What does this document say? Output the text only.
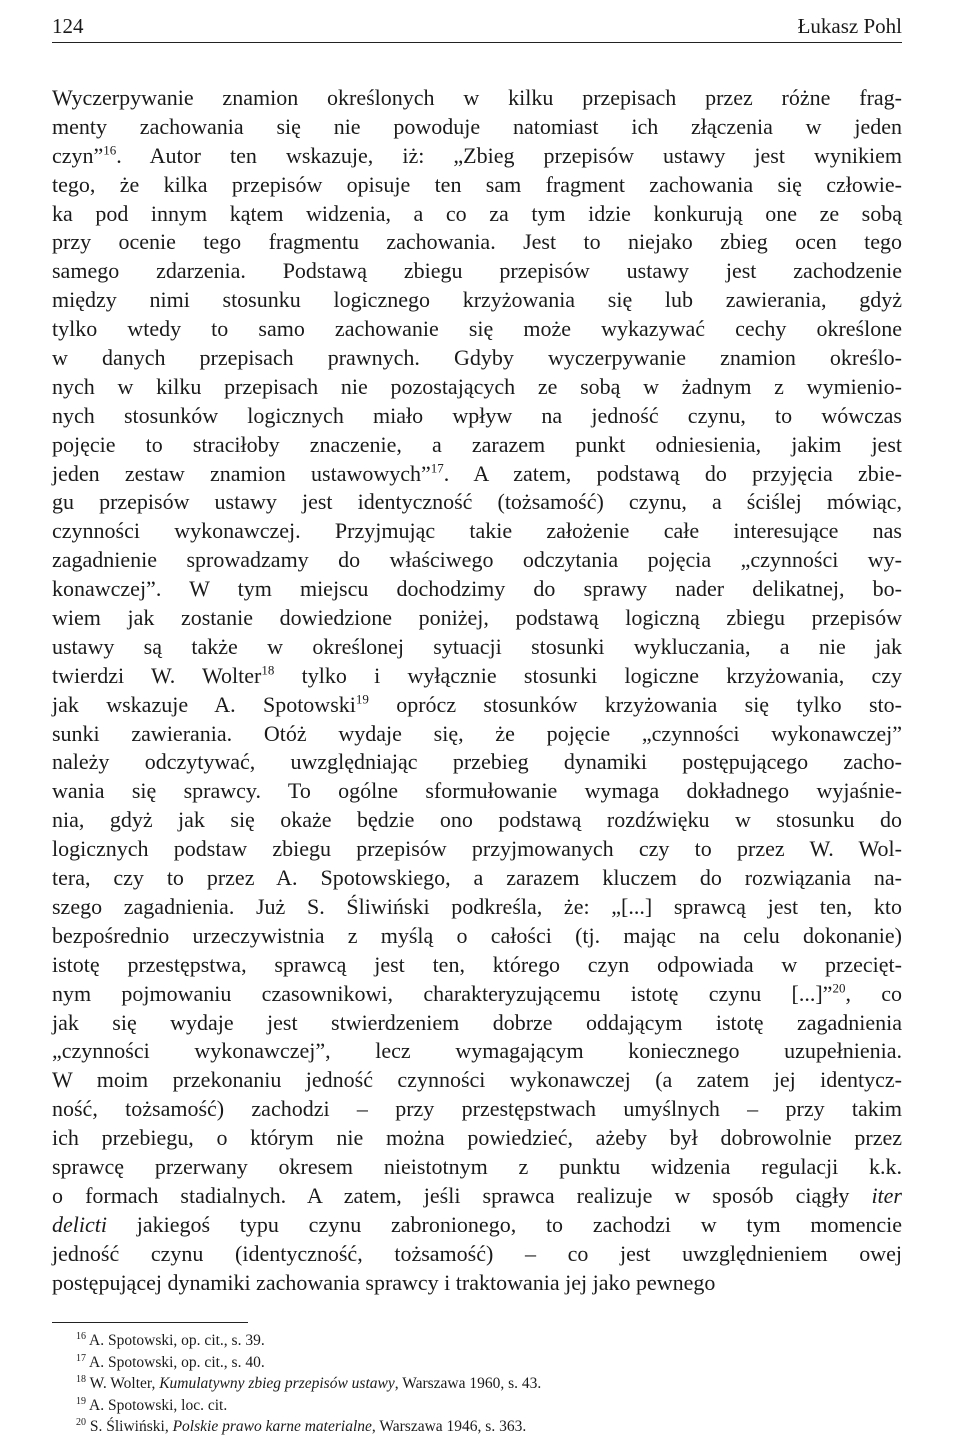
124	Łukasz Pohl
Wyczerpywanie znamion określonych w kilku przepisach przez różne frag-
menty zachowania się nie powoduje natomiast ich złączenia w jeden
czyn”$^{16}$. Autor ten wskazuje, iż: „Zbieg przepisów ustawy jest wynikiem
tego, że kilka przepisów opisuje ten sam fragment zachowania się człowie-
ka pod innym kątem widzenia, a co za tym idzie konkurują one ze sobą
przy ocenie tego fragmentu zachowania. Jest to niejako zbieg ocen tego
samego zdarzenia. Podstawą zbiegu przepisów ustawy jest zachodzenie
między nimi stosunku logicznego krzyżowania się lub zawierania, gdyż
tylko wtedy to samo zachowanie się może wykazywać cechy określone
w danych przepisach prawnych. Gdyby wyczerpywanie znamion określo-
nych w kilku przepisach nie pozostających ze sobą w żadnym z wymienio-
nych stosunków logicznych miało wpływ na jedność czynu, to wówczas
pojęcie to straciłoby znaczenie, a zarazem punkt odniesienia, jakim jest
jeden zestaw znamion ustawowych”$^{17}$. A zatem, podstawą do przyjęcia zbie-
gu przepisów ustawy jest identyczność (tożsamość) czynu, a ściślej mówiąc,
czynności wykonawczej. Przyjmując takie założenie całe interesujące nas
zagadnienie sprowadzamy do właściwego odczytania pojęcia „czynności wy-
konawczej”. W tym miejscu dochodzimy do sprawy nader delikatnej, bo-
wiem jak zostanie dowiedzione poniżej, podstawą logiczną zbiegu przepisów
ustawy są także w określonej sytuacji stosunki wykluczania, a nie jak
twierdzi W. Wolter$^{18}$ tylko i wyłącznie stosunki logiczne krzyżowania, czy
jak wskazuje A. Spotowski$^{19}$ oprócz stosunków krzyżowania się tylko sto-
sunki zawierania. Otóż wydaje się, że pojęcie „czynności wykonawczej”
należy odczytywać, uwzględniając przebieg dynamiki postępującego zacho-
wania się sprawcy. To ogólne sformułowanie wymaga dokładnego wyjaśnie-
nia, gdyż jak się okaże będzie ono podstawą rozdźwięku w stosunku do
logicznych podstaw zbiegu przepisów przyjmowanych czy to przez W. Wol-
tera, czy to przez A. Spotowskiego, a zarazem kluczem do rozwiązania na-
szego zagadnienia. Już S. Śliwiński podkreśla, że: „[...] sprawcą jest ten, kto
bezpośrednio urzeczywistnia z myślą o całości (tj. mając na celu dokonanie)
istotę przestępstwa, sprawcą jest ten, którego czyn odpowiada w przecięt-
nym pojmowaniu czasownikowi, charakteryzującemu istotę czynu [...]”$^{20}$, co
jak się wydaje jest stwierdzeniem dobrze oddającym istotę zagadnienia
„czynności wykonawczej”, lecz wymagającym koniecznego uzupełnienia.
W moim przekonaniu jedność czynności wykonawczej (a zatem jej identycz-
ność, tożsamość) zachodzi – przy przestępstwach umyślnych – przy takim
ich przebiegu, o którym nie można powiedzieć, ażeby był dobrowolnie przez
sprawcę przerwany okresem nieistotnym z punktu widzenia regulacji k.k.
o formach stadialnych. A zatem, jeśli sprawca realizuje w sposób ciągły iter
delicti jakiegoś typu czynu zabronionego, to zachodzi w tym momencie
jedność czynu (identyczność, tożsamość) – co jest uwzględnieniem owej
postępującej dynamiki zachowania sprawcy i traktowania jej jako pewnego
$^{16}$ A. Spotowski, op. cit., s. 39.
$^{17}$ A. Spotowski, op. cit., s. 40.
$^{18}$ W. Wolter, Kumulatywny zbieg przepisów ustawy, Warszawa 1960, s. 43.
$^{19}$ A. Spotowski, loc. cit.
$^{20}$ S. Śliwiński, Polskie prawo karne materialne, Warszawa 1946, s. 363.
